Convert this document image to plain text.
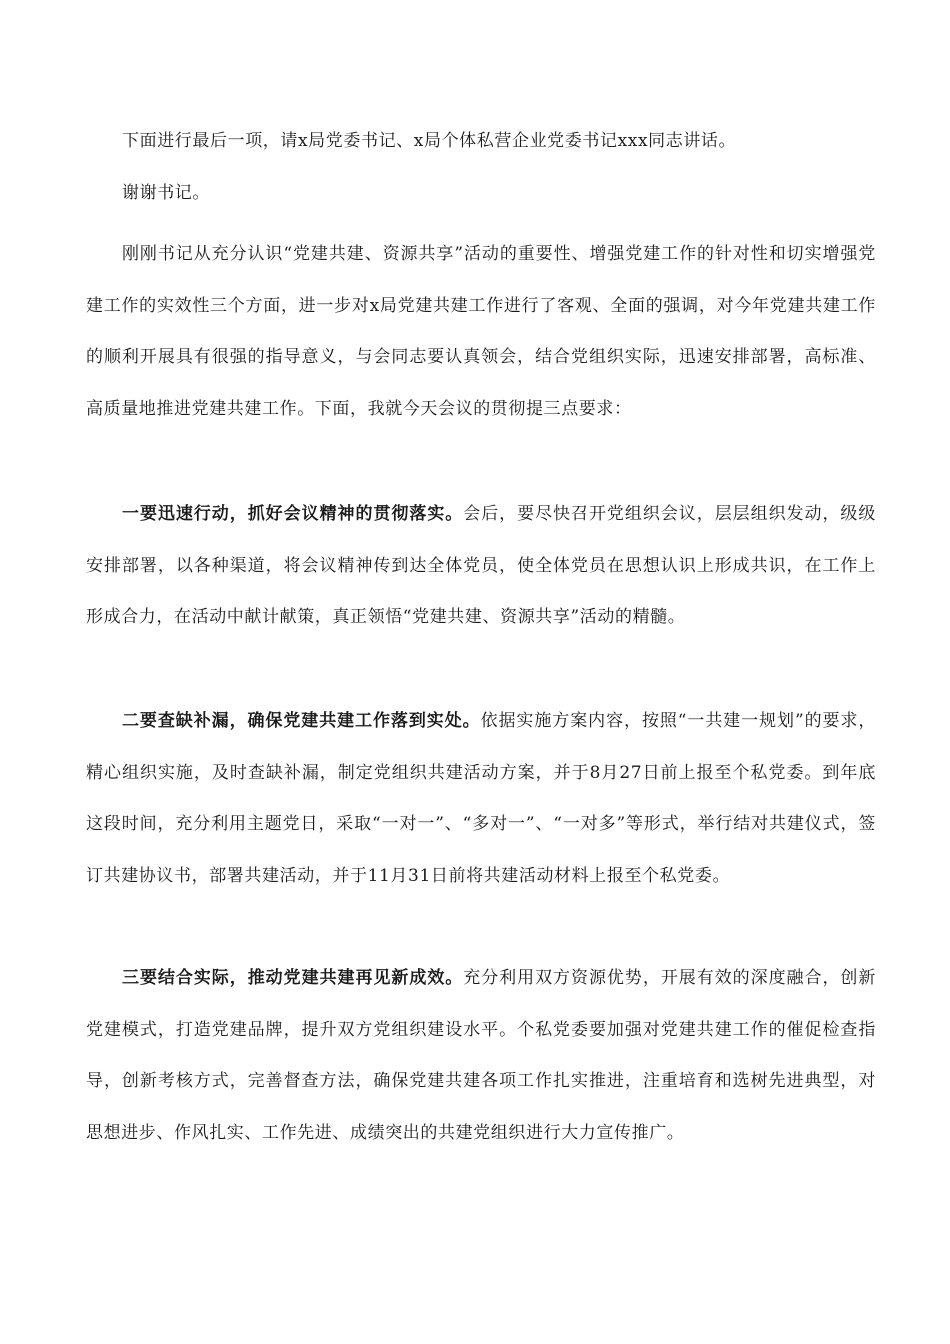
下面进行最后一项，请x局党委书记、x局个体私营企业党委书记xxx同志讲话。

谢谢书记。

刚刚书记从充分认识“党建共建、资源共享”活动的重要性、增强党建工作的针对性和切实增强党建工作的实效性三个方面，进一步对x局党建共建工作进行了客观、全面的强调，对今年党建共建工作的顺利开展具有很强的指导意义，与会同志要认真领会，结合党组织实际，迅速安排部署，高标准、高质量地推进党建共建工作。下面，我就今天会议的贯彻提三点要求：

一要迅速行动，抓好会议精神的贯彻落实。会后，要尽快召开党组织会议，层层组织发动，级级安排部署，以各种渠道，将会议精神传到达全体党员，使全体党员在思想认识上形成共识，在工作上形成合力，在活动中献计献策，真正领悟“党建共建、资源共享”活动的精髓。

二要查缺补漏，确保党建共建工作落到实处。依据实施方案内容，按照“一共建一规划”的要求，精心组织实施，及时查缺补漏，制定党组织共建活动方案，并于8月27日前上报至个私党委。到年底这段时间，充分利用主题党日，采取“一对一”、“多对一”、“一对多”等形式，举行结对共建仪式，签订共建协议书，部署共建活动，并于11月31日前将共建活动材料上报至个私党委。

三要结合实际，推动党建共建再见新成效。充分利用双方资源优势，开展有效的深度融合，创新党建模式，打造党建品牌，提升双方党组织建设水平。个私党委要加强对党建共建工作的催促检查指导，创新考核方式，完善督查方法，确保党建共建各项工作扎实推进，注重培育和选树先进典型，对思想进步、作风扎实、工作先进、成绩突出的共建党组织进行大力宣传推广。
